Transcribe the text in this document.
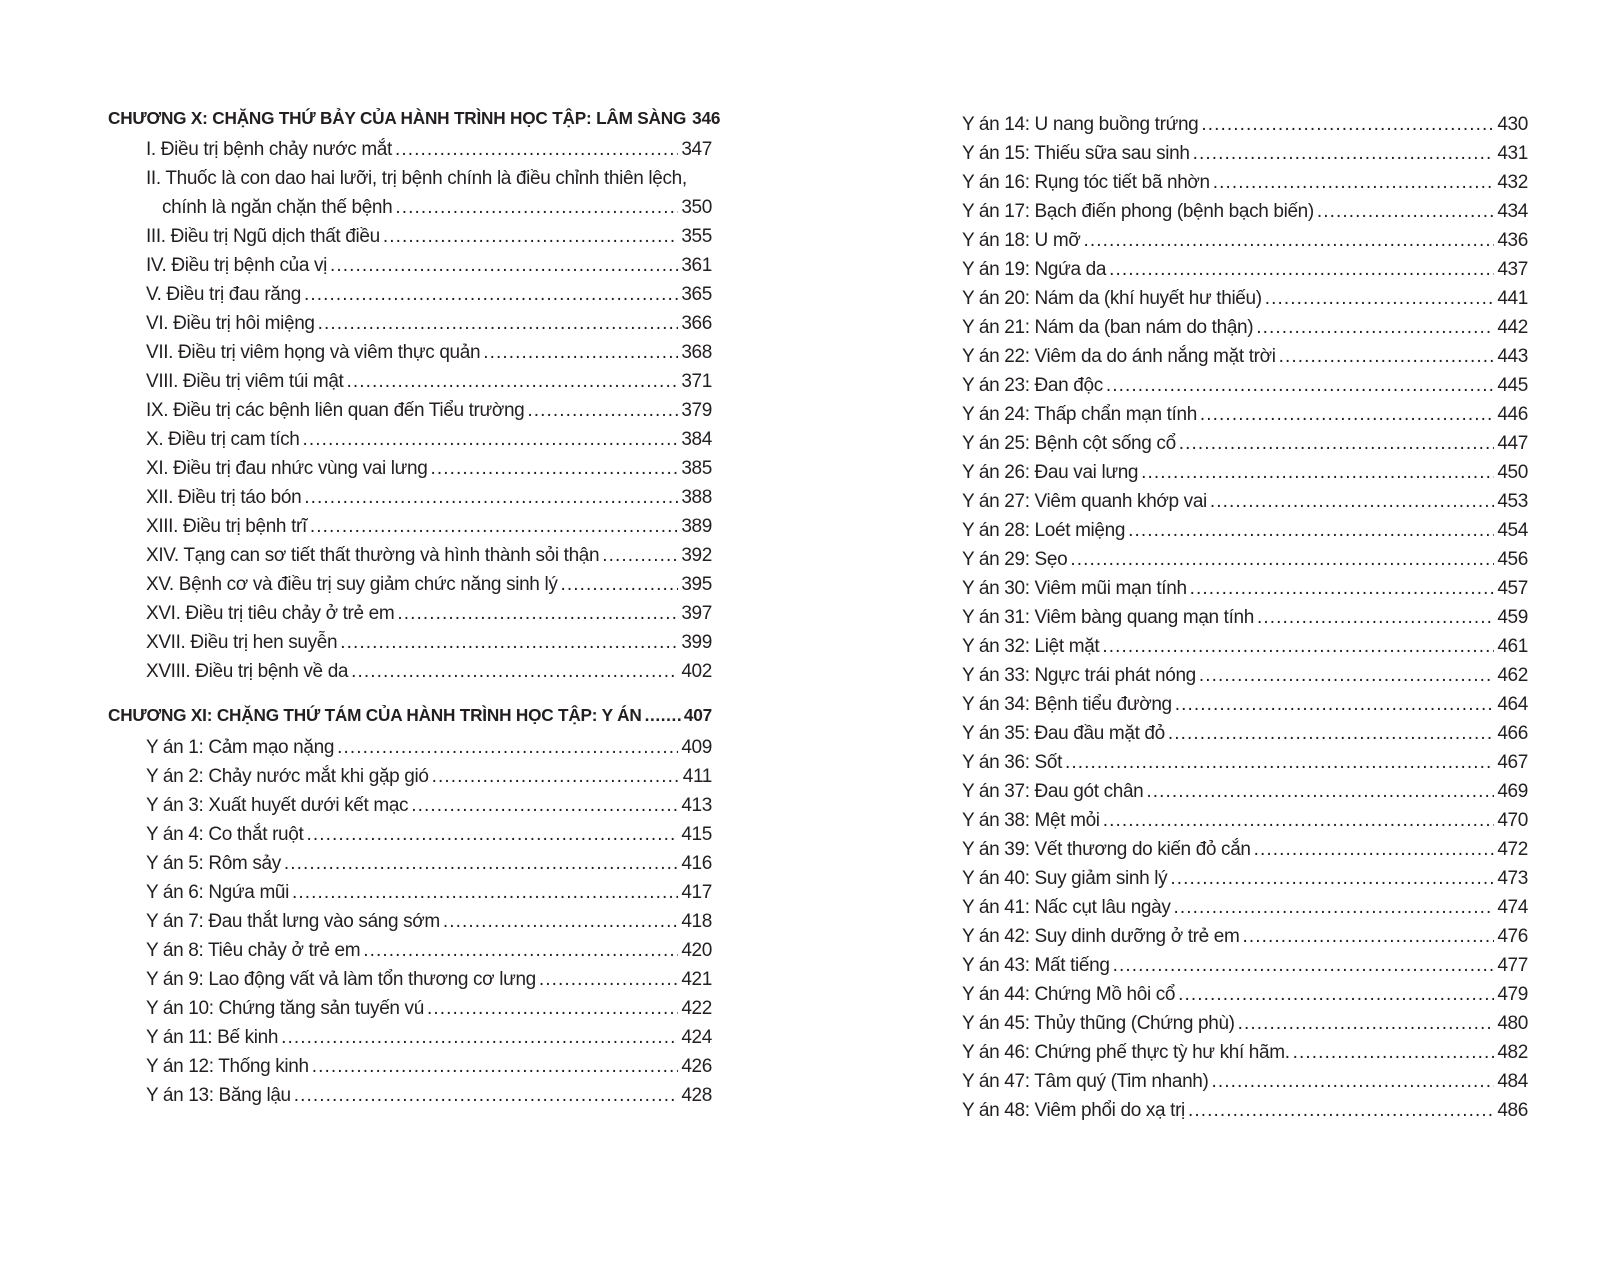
CHƯƠNG X: CHẶNG THỨ BẢY CỦA HÀNH TRÌNH HỌC TẬP: LÂM SÀNG 346
I. Điều trị bệnh chảy nước mắt .....	347
II. Thuốc là con dao hai lưỡi, trị bệnh chính là điều chỉnh thiên lệch,
chính là ngăn chặn thế bệnh .....	350
III. Điều trị Ngũ dịch thất điều .....	355
IV. Điều trị bệnh của vị .....	361
V. Điều trị đau răng .....	365
VI. Điều trị hôi miệng .....	366
VII. Điều trị viêm họng và viêm thực quản .....	368
VIII. Điều trị viêm túi mật .....	371
IX. Điều trị các bệnh liên quan đến Tiểu trường .....	379
X. Điều trị cam tích .....	384
XI. Điều trị đau nhức vùng vai lưng .....	385
XII. Điều trị táo bón .....	388
XIII. Điều trị bệnh trĩ .....	389
XIV. Tạng can sơ tiết thất thường và hình thành sỏi thận .....	392
XV. Bệnh cơ và điều trị suy giảm chức năng sinh lý .....	395
XVI. Điều trị tiêu chảy ở trẻ em .....	397
XVII. Điều trị hen suyễn .....	399
XVIII. Điều trị bệnh về da .....	402
CHƯƠNG XI: CHẶNG THỨ TÁM CỦA HÀNH TRÌNH HỌC TẬP: Y ÁN ..... 407
Y án 1: Cảm mạo nặng .....	409
Y án 2: Chảy nước mắt khi gặp gió .....	411
Y án 3: Xuất huyết dưới kết mạc .....	413
Y án 4: Co thắt ruột .....	415
Y án 5: Rôm sảy .....	416
Y án 6: Ngứa mũi .....	417
Y án 7: Đau thắt lưng vào sáng sớm .....	418
Y án 8: Tiêu chảy ở trẻ em .....	420
Y án 9: Lao động vất vả làm tổn thương cơ lưng .....	421
Y án 10: Chứng tăng sản tuyến vú .....	422
Y án 11: Bế kinh .....	424
Y án 12: Thống kinh .....	426
Y án 13: Băng lậu .....	428
Y án 14: U nang buồng trứng .....	430
Y án 15: Thiếu sữa sau sinh .....	431
Y án 16: Rụng tóc tiết bã nhờn .....	432
Y án 17: Bạch điến phong (bệnh bạch biến) .....	434
Y án 18: U mỡ .....	436
Y án 19: Ngứa da .....	437
Y án 20: Nám da (khí huyết hư thiếu) .....	441
Y án 21: Nám da (ban nám do thận) .....	442
Y án 22: Viêm da do ánh nắng mặt trời .....	443
Y án 23: Đan độc .....	445
Y án 24: Thấp chẩn mạn tính .....	446
Y án 25: Bệnh cột sống cổ .....	447
Y án 26: Đau vai lưng .....	450
Y án 27: Viêm quanh khớp vai .....	453
Y án 28: Loét miệng .....	454
Y án 29: Sẹo .....	456
Y án 30: Viêm mũi mạn tính .....	457
Y án 31: Viêm bàng quang mạn tính .....	459
Y án 32: Liệt mặt .....	461
Y án 33: Ngực trái phát nóng .....	462
Y án 34: Bệnh tiểu đường .....	464
Y án 35: Đau đầu mặt đỏ .....	466
Y án 36: Sốt .....	467
Y án 37: Đau gót chân .....	469
Y án 38: Mệt mỏi .....	470
Y án 39: Vết thương do kiến đỏ cắn .....	472
Y án 40: Suy giảm sinh lý .....	473
Y án 41: Nấc cụt lâu ngày .....	474
Y án 42: Suy dinh dưỡng ở trẻ em .....	476
Y án 43: Mất tiếng .....	477
Y án 44: Chứng Mồ hôi cổ .....	479
Y án 45: Thủy thũng (Chứng phù) .....	480
Y án 46: Chứng phế thực tỳ hư khí hãm. .....	482
Y án 47: Tâm quý (Tim nhanh) .....	484
Y án 48: Viêm phổi do xạ trị .....	486
